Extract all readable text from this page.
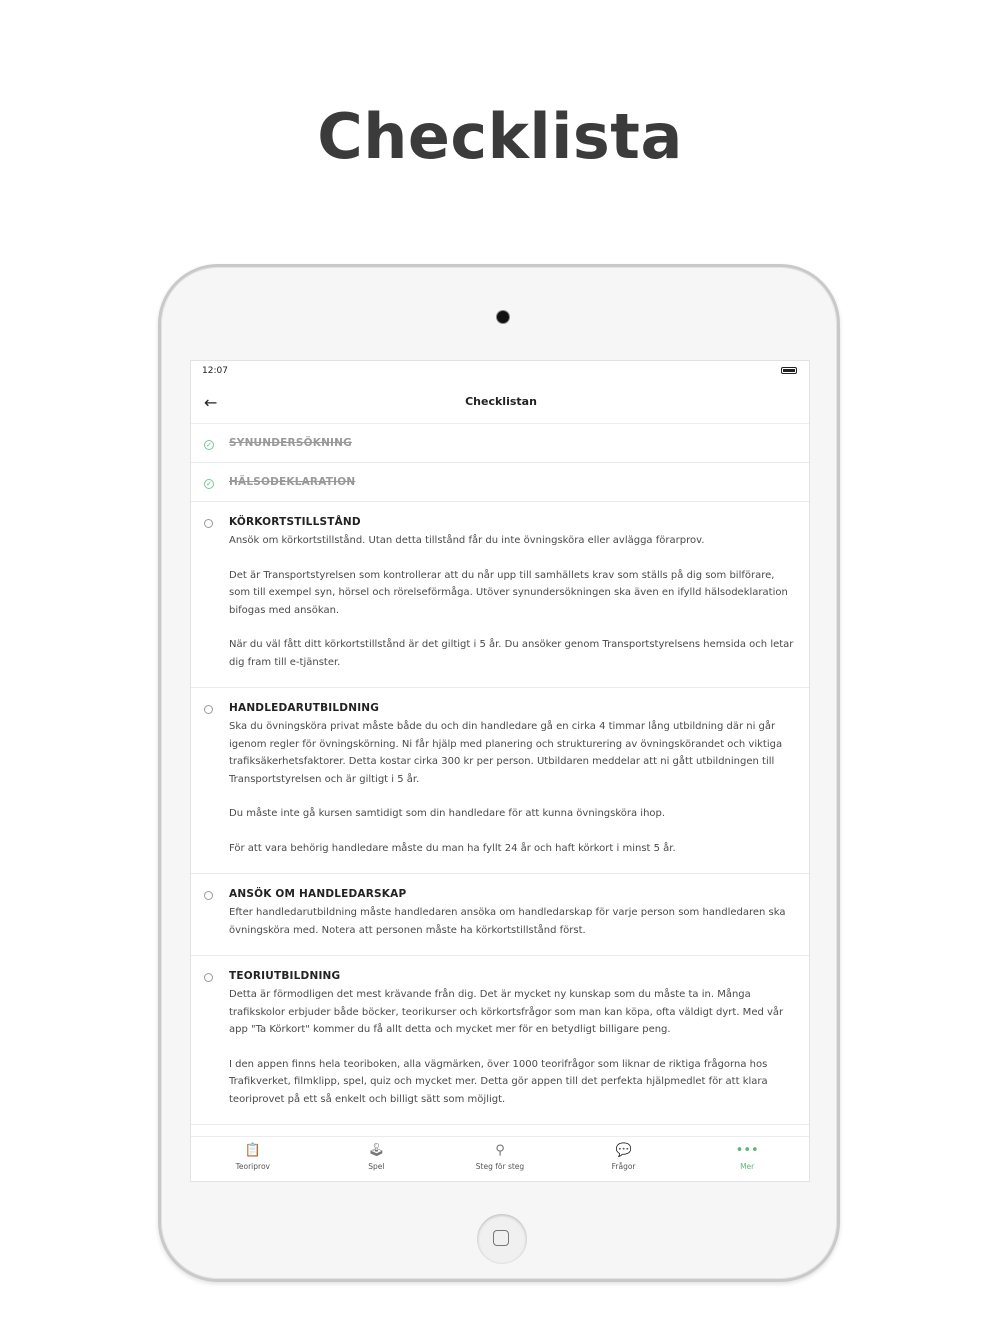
Checklista
12:07
←	Checklistan
✓ SYNUNDERSÖKNING
✓ HÄLSODEKLARATION
KÖRKORTSTILLSTÅND
Ansök om körkortstillstånd. Utan detta tillstånd får du inte övningsköra eller avlägga förarprov.
Det är Transportstyrelsen som kontrollerar att du når upp till samhällets krav som ställs på dig som bilförare, som till exempel syn, hörsel och rörelseförmåga. Utöver synundersökningen ska även en ifylld hälsodeklaration bifogas med ansökan.
När du väl fått ditt körkortstillstånd är det giltigt i 5 år. Du ansöker genom Transportstyrelsens hemsida och letar dig fram till e-tjänster.
HANDLEDARUTBILDNING
Ska du övningsköra privat måste både du och din handledare gå en cirka 4 timmar lång utbildning där ni går igenom regler för övningskörning. Ni får hjälp med planering och strukturering av övningskörandet och viktiga trafiksäkerhetsfaktorer. Detta kostar cirka 300 kr per person. Utbildaren meddelar att ni gått utbildningen till Transportstyrelsen och är giltigt i 5 år.
Du måste inte gå kursen samtidigt som din handledare för att kunna övningsköra ihop.
För att vara behörig handledare måste du man ha fyllt 24 år och haft körkort i minst 5 år.
ANSÖK OM HANDLEDARSKAP
Efter handledarutbildning måste handledaren ansöka om handledarskap för varje person som handledaren ska övningsköra med. Notera att personen måste ha körkortstillstånd först.
TEORIUTBILDNING
Detta är förmodligen det mest krävande från dig. Det är mycket ny kunskap som du måste ta in. Många trafikskolor erbjuder både böcker, teorikurser och körkortsfrågor som man kan köpa, ofta väldigt dyrt. Med vår app "Ta Körkort" kommer du få allt detta och mycket mer för en betydligt billigare peng.
I den appen finns hela teoriboken, alla vägmärken, över 1000 teorifrågor som liknar de riktiga frågorna hos Trafikverket, filmklipp, spel, quiz och mycket mer. Detta gör appen till det perfekta hjälpmedlet för att klara teoriprovet på ett så enkelt och billigt sätt som möjligt.
📋
Teoriprov
🕹
Spel
⚲
Steg för steg
💬
Frågor
•••
Mer
